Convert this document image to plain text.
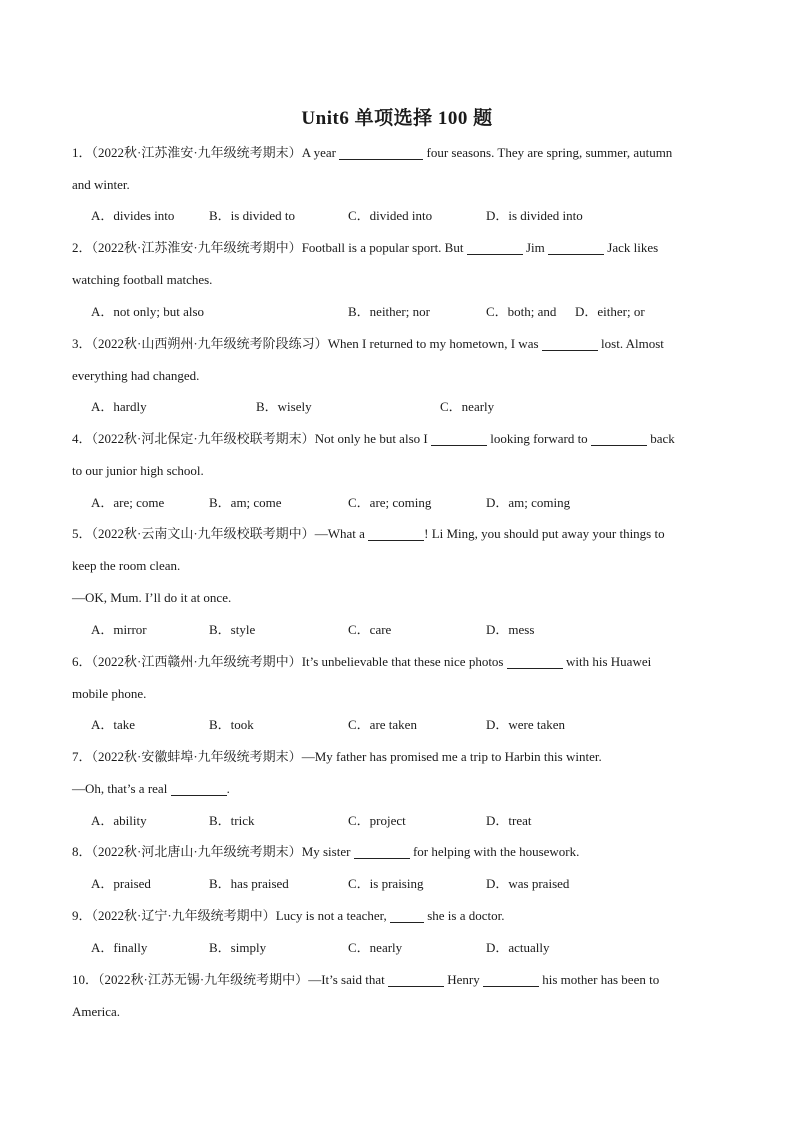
Unit6 单项选择 100 题
1．（2022秋·江苏淮安·九年级统考期末）A year	four seasons. They are spring, summer, autumn
and winter.
A．divides into	B．is divided to	C．divided into	D．is divided into
2．（2022秋·江苏淮安·九年级统考期中）Football is a popular sport. But	Jim	Jack likes
watching football matches.
A．not only; but also	B．neither; nor	C．both; and D．either; or
3．（2022秋·山西朔州·九年级统考阶段练习）When I returned to my hometown, I was	lost. Almost
everything had changed.
A．hardly	B．wisely	C．nearly
4．（2022秋·河北保定·九年级校联考期末）Not only he but also I	looking forward to	back
to our junior high school.
A．are; come	B．am; come	C．are; coming	D．am; coming
5．（2022秋·云南文山·九年级校联考期中）—What a	! Li Ming, you should put away your things to
keep the room clean.
—OK, Mum. I’ll do it at once.
A．mirror	B．style	C．care	D．mess
6．（2022秋·江西赣州·九年级统考期中）It’s unbelievable that these nice photos	with his Huawei
mobile phone.
A．take	B．took	C．are taken	D．were taken
7．（2022秋·安徽蚌埠·九年级统考期末）—My father has promised me a trip to Harbin this winter.
—Oh, that’s a real	.
A．ability	B．trick	C．project	D．treat
8．（2022秋·河北唐山·九年级统考期末）My sister	for helping with the housework.
A．praised	B．has praised	C．is praising	D．was praised
9．（2022秋·辽宁·九年级统考期中）Lucy is not a teacher,	she is a doctor.
A．finally	B．simply	C．nearly	D．actually
10．（2022秋·江苏无锡·九年级统考期中）—It’s said that	Henry	his mother has been to
America.
